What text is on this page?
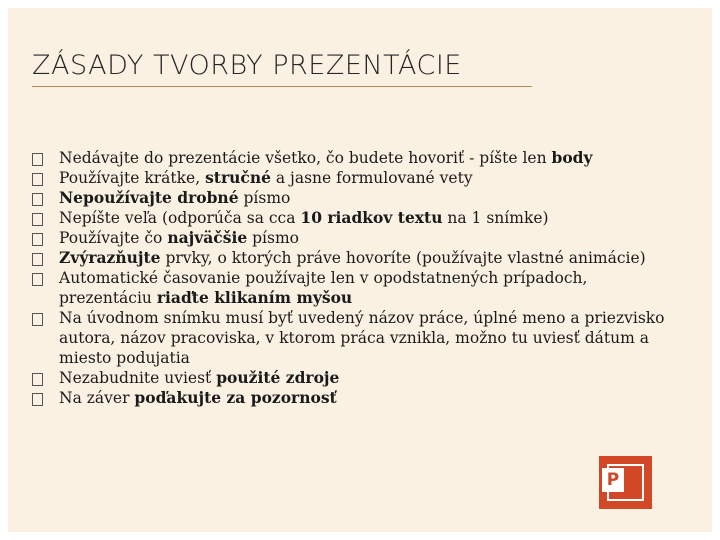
ZÁSADY TVORBY PREZENTÁCIE
Nedávajte do prezentácie všetko, čo budete hovoriť - píšte len body
Používajte krátke, stručné a jasne formulované vety
Nepoužívajte drobné písmo
Nepíšte veľa (odporúča sa cca 10 riadkov textu na 1 snímke)
Používajte čo najväčšie písmo
Zvýrazňujte prvky, o ktorých práve hovoríte (používajte vlastné animácie)
Automatické časovanie používajte len v opodstatnených prípadoch, prezentáciu riaďte klikaním myšou
Na úvodnom snímku musí byť uvedený názov práce, úplné meno a priezvisko autora, názov pracoviska, v ktorom práca vznikla, možno tu uviesť dátum a miesto podujatia
Nezabudnite uviesť použité zdroje
Na záver poďakujte za pozornosť
P
